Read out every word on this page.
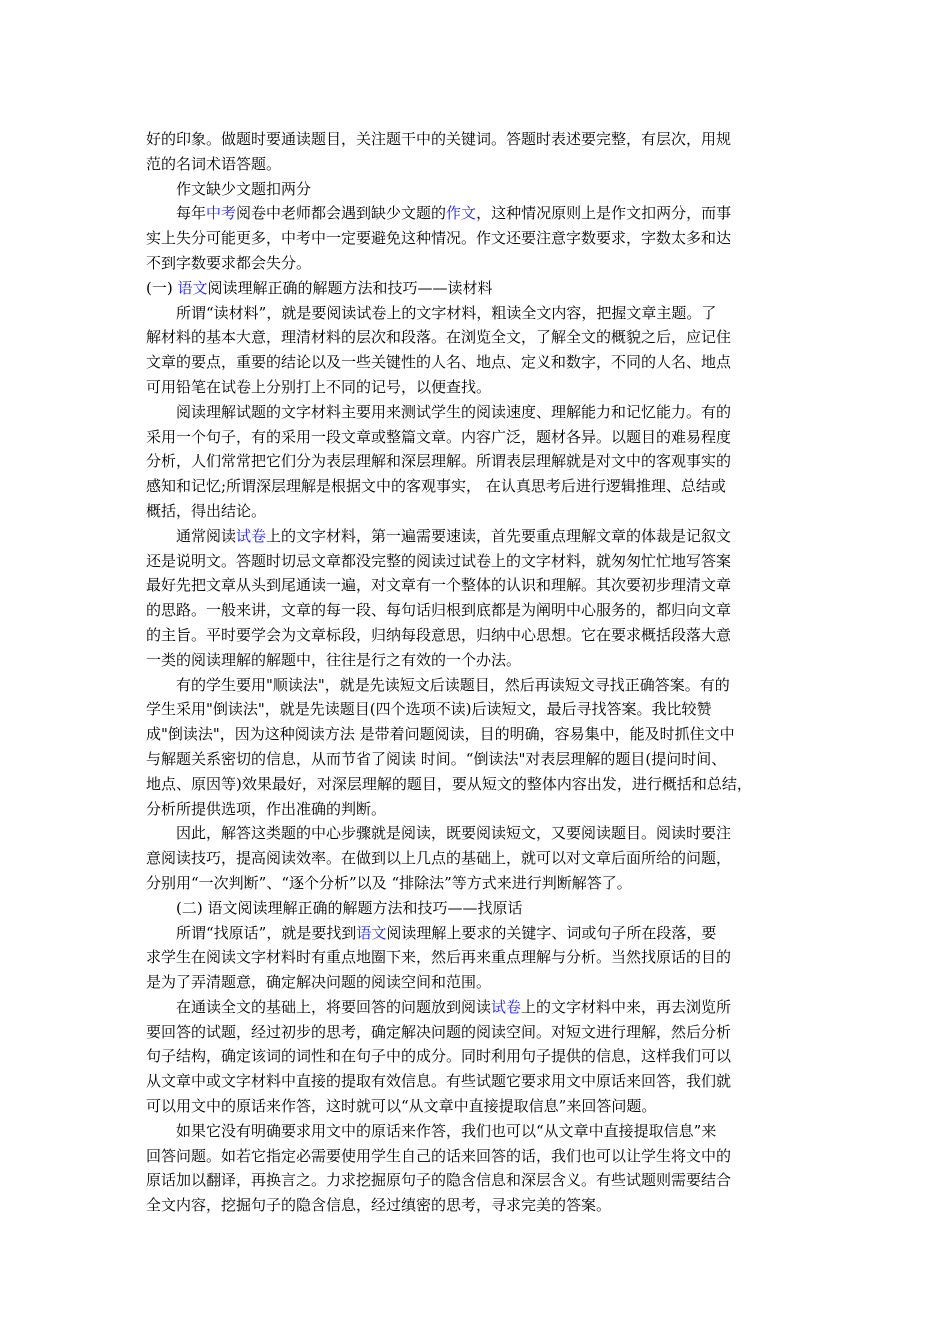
好的印象。做题时要通读题目，关注题干中的关键词。答题时表述要完整，有层次，用规
范的名词术语答题。
作文缺少文题扣两分
每年中考阅卷中老师都会遇到缺少文题的作文，这种情况原则上是作文扣两分，而事
实上失分可能更多，中考中一定要避免这种情况。作文还要注意字数要求，字数太多和达
不到字数要求都会失分。
(一) 语文阅读理解正确的解题方法和技巧——读材料
所谓“读材料”，就是要阅读试卷上的文字材料，粗读全文内容，把握文章主题。了
解材料的基本大意，理清材料的层次和段落。在浏览全文，了解全文的概貌之后，应记住
文章的要点，重要的结论以及一些关键性的人名、地点、定义和数字，不同的人名、地点
可用铅笔在试卷上分别打上不同的记号，以便查找。
阅读理解试题的文字材料主要用来测试学生的阅读速度、理解能力和记忆能力。有的
采用一个句子，有的采用一段文章或整篇文章。内容广泛，题材各异。以题目的难易程度
分析，人们常常把它们分为表层理解和深层理解。所谓表层理解就是对文中的客观事实的
感知和记忆;所谓深层理解是根据文中的客观事实， 在认真思考后进行逻辑推理、总结或
概括，得出结论。
通常阅读试卷上的文字材料，第一遍需要速读，首先要重点理解文章的体裁是记叙文
还是说明文。答题时切忌文章都没完整的阅读过试卷上的文字材料，就匆匆忙忙地写答案
最好先把文章从头到尾通读一遍，对文章有一个整体的认识和理解。其次要初步理清文章
的思路。一般来讲，文章的每一段、每句话归根到底都是为阐明中心服务的，都归向文章
的主旨。平时要学会为文章标段，归纳每段意思，归纳中心思想。它在要求概括段落大意
一类的阅读理解的解题中，往往是行之有效的一个办法。
有的学生要用"顺读法"，就是先读短文后读题目，然后再读短文寻找正确答案。有的
学生采用"倒读法"，就是先读题目(四个选项不读)后读短文，最后寻找答案。我比较赞
成"倒读法"，因为这种阅读方法 是带着问题阅读，目的明确，容易集中，能及时抓住文中
与解题关系密切的信息，从而节省了阅读 时间。“倒读法"对表层理解的题目(提问时间、
地点、原因等)效果最好，对深层理解的题目，要从短文的整体内容出发，进行概括和总结，
分析所提供选项，作出准确的判断。
因此，解答这类题的中心步骤就是阅读，既要阅读短文，又要阅读题目。阅读时要注
意阅读技巧，提高阅读效率。在做到以上几点的基础上，就可以对文章后面所给的问题，
分别用“一次判断”、“逐个分析”以及 “排除法”等方式来进行判断解答了。
(二) 语文阅读理解正确的解题方法和技巧——找原话
所谓“找原话”，就是要找到语文阅读理解上要求的关键字、词或句子所在段落，要
求学生在阅读文字材料时有重点地圈下来，然后再来重点理解与分析。当然找原话的目的
是为了弄清题意，确定解决问题的阅读空间和范围。
在通读全文的基础上，将要回答的问题放到阅读试卷上的文字材料中来，再去浏览所
要回答的试题，经过初步的思考，确定解决问题的阅读空间。对短文进行理解，然后分析
句子结构，确定该词的词性和在句子中的成分。同时利用句子提供的信息，这样我们可以
从文章中或文字材料中直接的提取有效信息。有些试题它要求用文中原话来回答，我们就
可以用文中的原话来作答，这时就可以“从文章中直接提取信息”来回答问题。
如果它没有明确要求用文中的原话来作答，我们也可以“从文章中直接提取信息”来
回答问题。如若它指定必需要使用学生自己的话来回答的话，我们也可以让学生将文中的
原话加以翻译，再换言之。力求挖掘原句子的隐含信息和深层含义。有些试题则需要结合
全文内容，挖掘句子的隐含信息，经过缜密的思考，寻求完美的答案。
